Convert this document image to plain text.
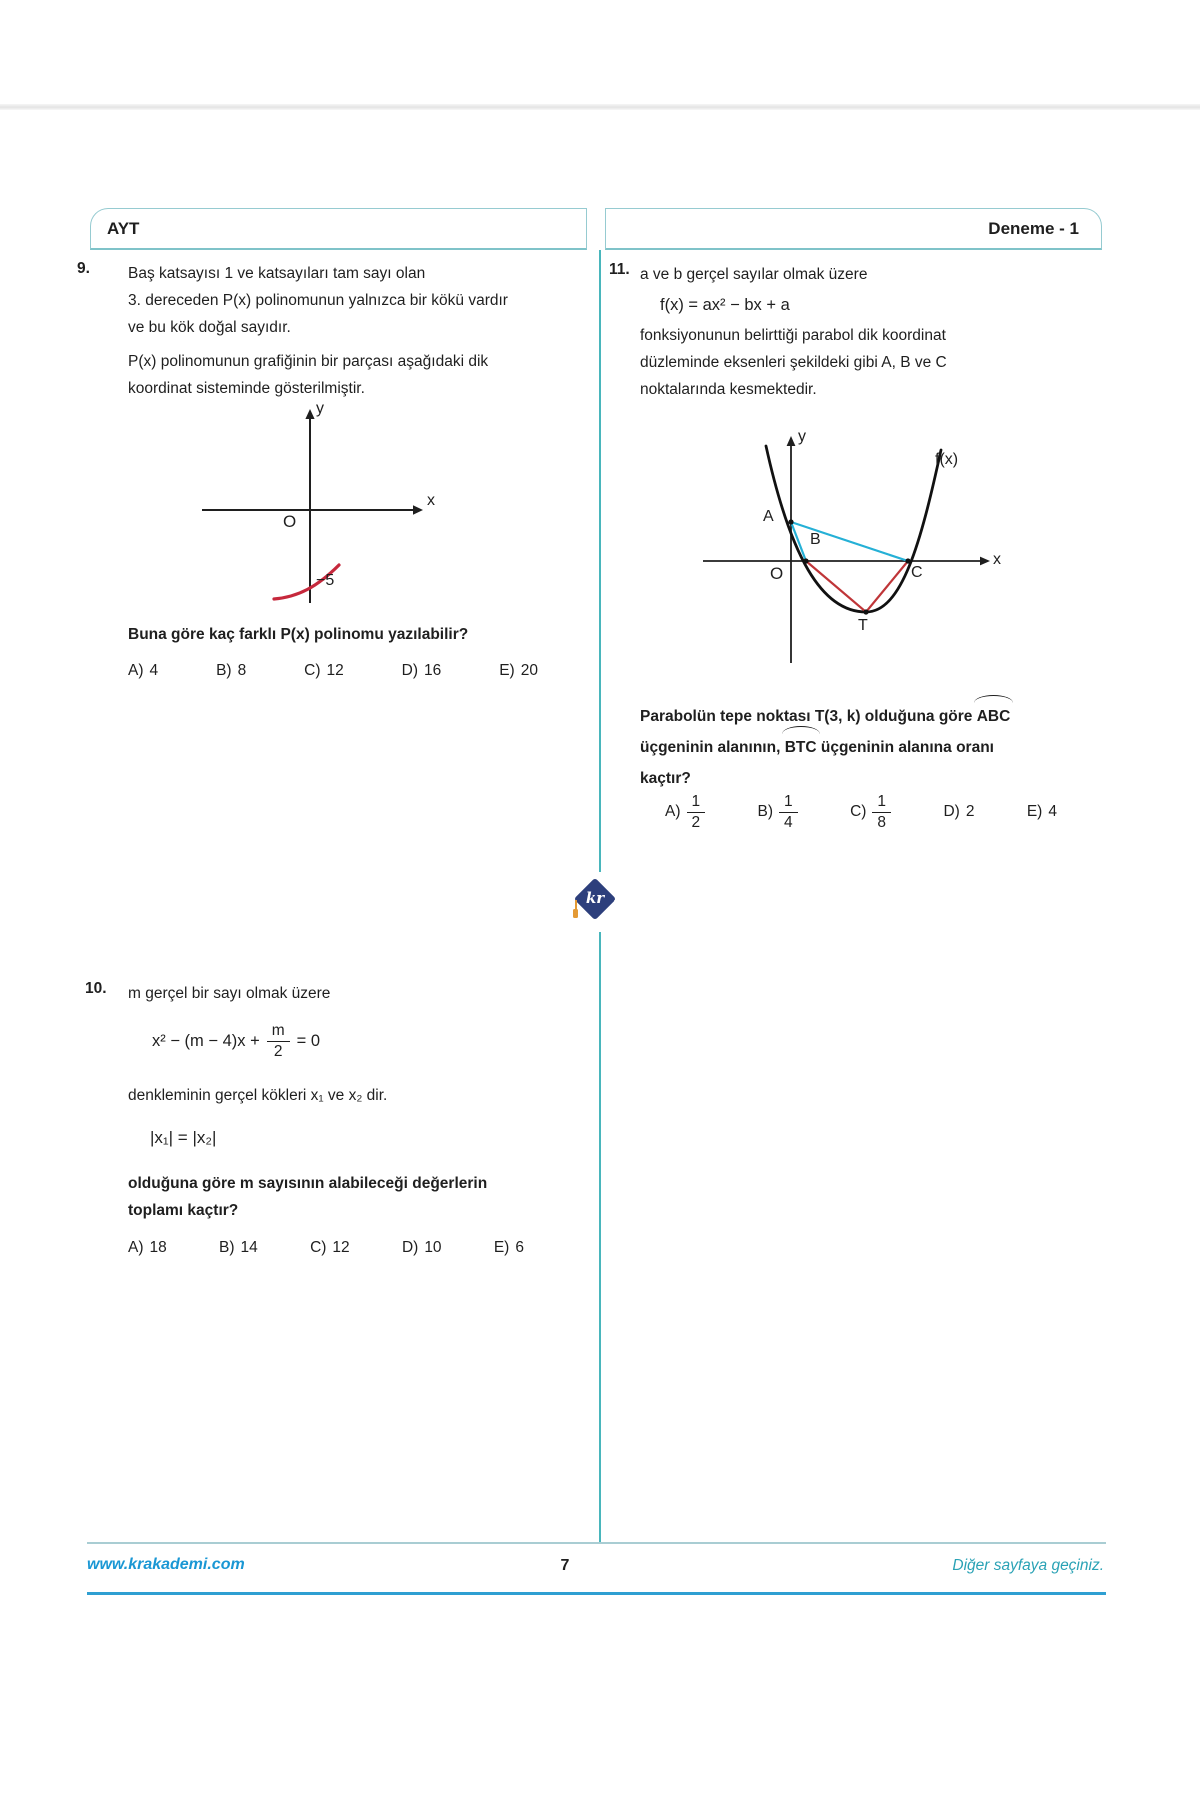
AYT	Deneme - 1
kr
9. Baş katsayısı 1 ve katsayıları tam sayı olan
3. dereceden P(x) polinomunun yalnızca bir kökü vardır
ve bu kök doğal sayıdır.
P(x) polinomunun grafiğinin bir parçası aşağıdaki dik
koordinat sisteminde gösterilmiştir.
y
x
O
−5
Buna göre kaç farklı P(x) polinomu yazılabilir?
A) 4	B) 8	C) 12	D) 16	E) 20
10. m gerçel bir sayı olmak üzere
$x^2 - (m - 4)x + \frac{m}{2} = 0$
denkleminin gerçel kökleri x₁ ve x₂ dir.
|x₁| = |x₂|
olduğuna göre m sayısının alabileceği değerlerin
toplamı kaçtır?
A) 18	B) 14	C) 12	D) 10	E) 6
11. a ve b gerçel sayılar olmak üzere
f(x) = ax² − bx + a
fonksiyonunun belirttiği parabol dik koordinat
düzleminde eksenleri şekildeki gibi A, B ve C
noktalarında kesmektedir.
y
x
O
A
B
C
T
f(x)
Parabolün tepe noktası T(3, k) olduğuna göre ABC
üçgeninin alanının, BTC üçgeninin alanına oranı
kaçtır?
$A) \frac{1}{2}$	$B) \frac{1}{4}$	$C) \frac{1}{8}$	D) 2	E) 4
www.krakademi.com	7	Diğer sayfaya geçiniz.
